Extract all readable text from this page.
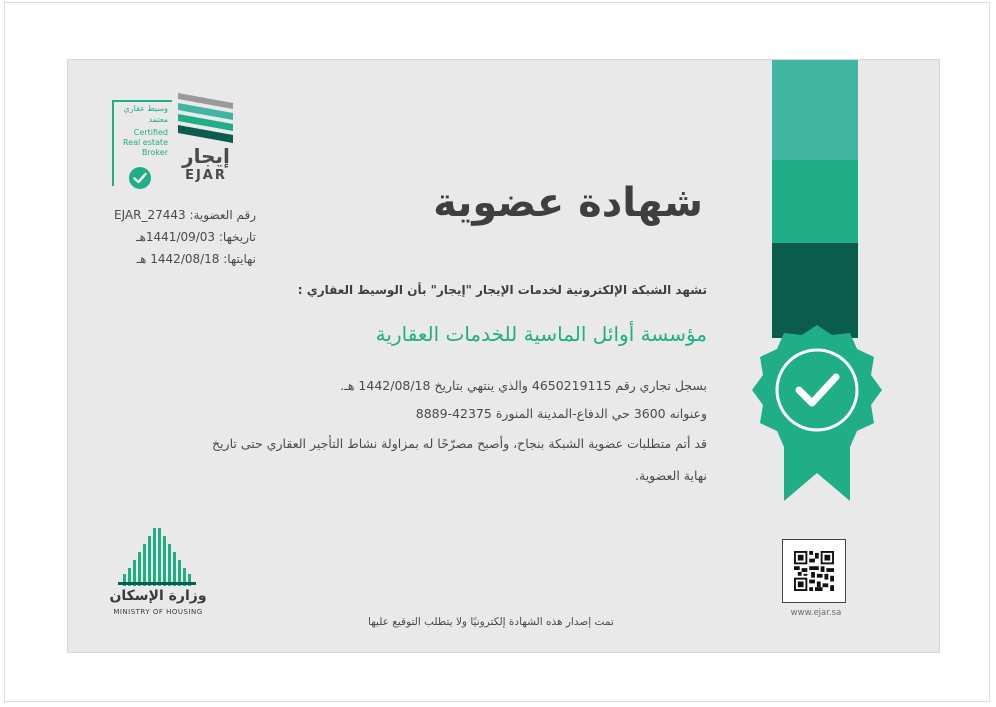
وسيط عقاري
معتمد
Certified
Real estate
Broker إيجار
EJAR
رقم العضوية: EJAR_27443
تاريخها: 1441/09/03هـ
نهايتها: 1442/08/18 هـ
شهادة عضوية
تشهد الشبكة الإلكترونية لخدمات الإيجار "إيجار" بأن الوسيط العقاري :
مؤسسة أوائل الماسية للخدمات العقارية
بسجل تجاري رقم 4650219115 والذي ينتهي بتاريخ 1442/08/18 هـ.
وعنوانه 3600 حي الدفاع-المدينة المنورة 42375-8889
قد أتم متطلبات عضوية الشبكة بنجاح، وأصبح مصرّحًا له بمزاولة نشاط التأجير العقاري حتى تاريخ
نهاية العضوية.
تمت إصدار هذه الشهادة إلكترونيًا ولا يتطلب التوقيع عليها
وزارة الإسكان
MINISTRY OF HOUSING	www.ejar.sa
